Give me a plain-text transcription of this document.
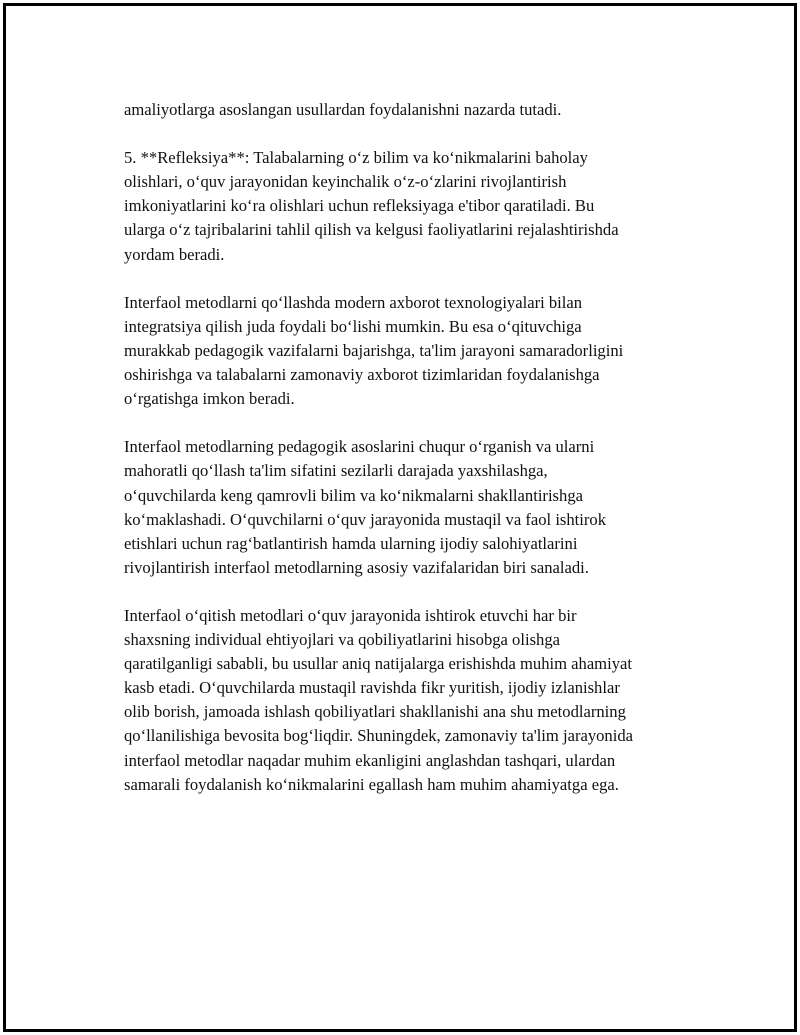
amaliyotlarga asoslangan usullardan foydalanishni nazarda tutadi.

5. **Refleksiya**: Talabalarning o‘z bilim va ko‘nikmalarini baholay
olishlari, o‘quv jarayonidan keyinchalik o‘z-o‘zlarini rivojlantirish
imkoniyatlarini ko‘ra olishlari uchun refleksiyaga e'tibor qaratiladi. Bu
ularga o‘z tajribalarini tahlil qilish va kelgusi faoliyatlarini rejalashtirishda
yordam beradi.

Interfaol metodlarni qo‘llashda modern axborot texnologiyalari bilan
integratsiya qilish juda foydali bo‘lishi mumkin. Bu esa o‘qituvchiga
murakkab pedagogik vazifalarni bajarishga, ta'lim jarayoni samaradorligini
oshirishga va talabalarni zamonaviy axborot tizimlaridan foydalanishga
o‘rgatishga imkon beradi.

Interfaol metodlarning pedagogik asoslarini chuqur o‘rganish va ularni
mahoratli qo‘llash ta'lim sifatini sezilarli darajada yaxshilashga,
o‘quvchilarda keng qamrovli bilim va ko‘nikmalarni shakllantirishga
ko‘maklashadi. O‘quvchilarni o‘quv jarayonida mustaqil va faol ishtirok
etishlari uchun rag‘batlantirish hamda ularning ijodiy salohiyatlarini
rivojlantirish interfaol metodlarning asosiy vazifalaridan biri sanaladi.

Interfaol o‘qitish metodlari o‘quv jarayonida ishtirok etuvchi har bir
shaxsning individual ehtiyojlari va qobiliyatlarini hisobga olishga
qaratilganligi sababli, bu usullar aniq natijalarga erishishda muhim ahamiyat
kasb etadi. O‘quvchilarda mustaqil ravishda fikr yuritish, ijodiy izlanishlar
olib borish, jamoada ishlash qobiliyatlari shakllanishi ana shu metodlarning
qo‘llanilishiga bevosita bog‘liqdir. Shuningdek, zamonaviy ta'lim jarayonida
interfaol metodlar naqadar muhim ekanligini anglashdan tashqari, ulardan
samarali foydalanish ko‘nikmalarini egallash ham muhim ahamiyatga ega.
